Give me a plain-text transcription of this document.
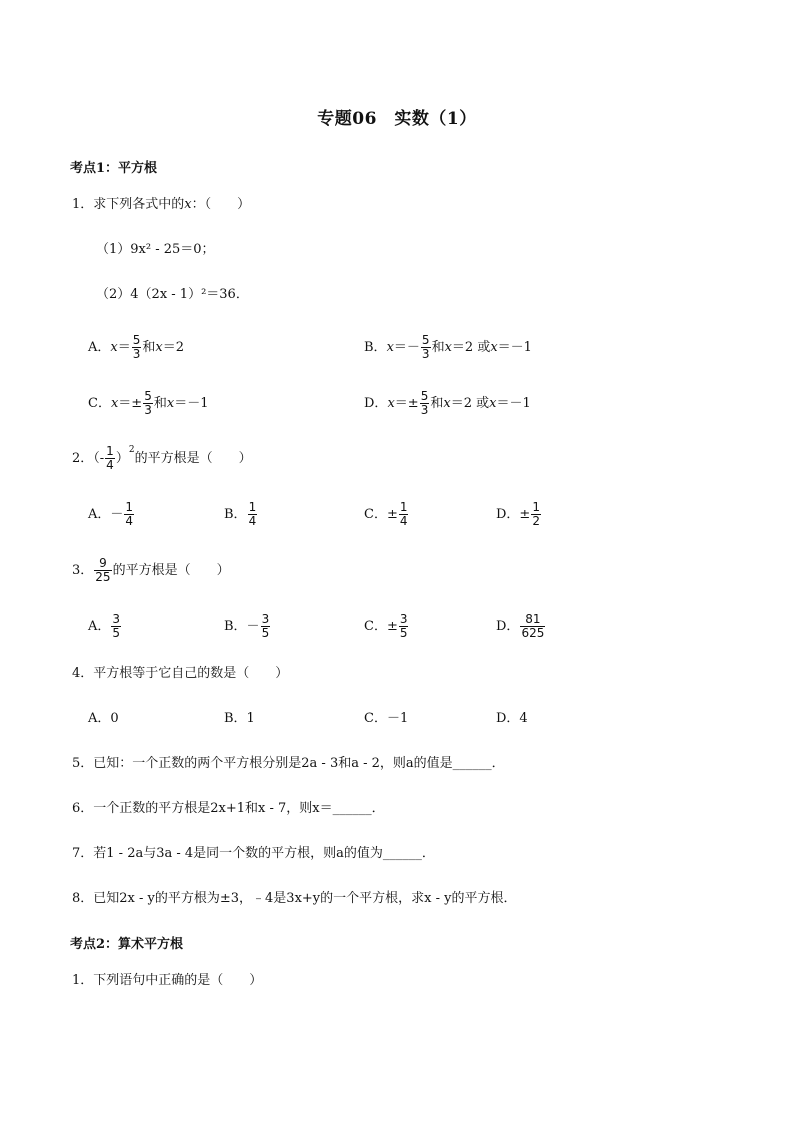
专题06　实数（1）
考点1：平方根
1．求下列各式中的x：（　　）
（1）9x² - 25＝0；
（2）4（2x - 1）²＝36．
A．$x= \frac{5}{3}$ 和x＝2	B．$x=- \frac{5}{3}$ 和x＝2 或x＝－1
C．$x=\pm \frac{5}{3}$ 和x＝－1	D．$x=\pm \frac{5}{3}$ 和x＝2 或x＝－1
2．（- $\frac{1}{4} )^2$的平方根是（　　）
A．－ $\frac{1}{4}$	B． $\frac{1}{4}$	C．± $\frac{1}{4}$	D．± $\frac{1}{2}$
3． $\frac{9}{25}$ 的平方根是（　　）
A． $\frac{3}{5}$	B．－ $\frac{3}{5}$	C．± $\frac{3}{5}$	D． $\frac{81}{625}$
4．平方根等于它自己的数是（　　）
A．0	B．1	C．－1	D．4
5．已知：一个正数的两个平方根分别是2a - 3和a - 2，则a的值是______．
6．一个正数的平方根是2x+1和x - 7，则x＝______．
7．若1 - 2a与3a - 4是同一个数的平方根，则a的值为______．
8．已知2x - y的平方根为±3，﹣4是3x+y的一个平方根，求x - y的平方根．
考点2：算术平方根
1．下列语句中正确的是（　　）
